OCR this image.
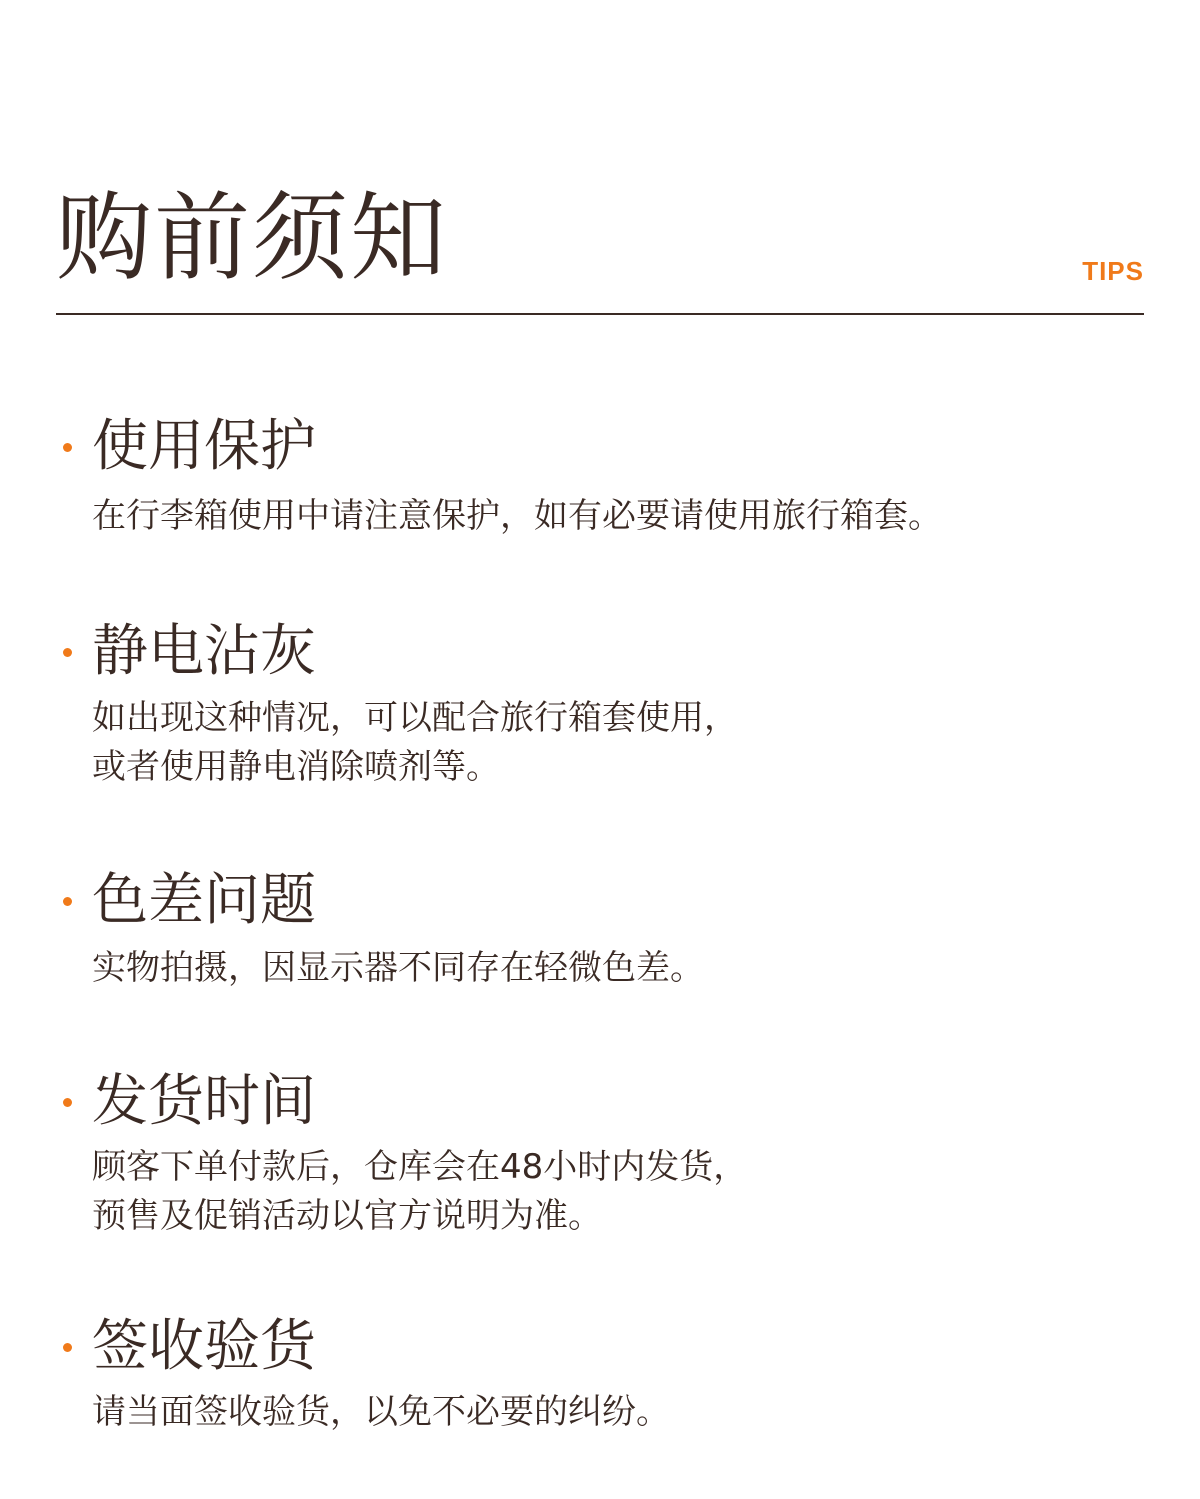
购前须知	TIPS
使用保护
在行李箱使用中请注意保护，如有必要请使用旅行箱套。
静电沾灰
如出现这种情况，可以配合旅行箱套使用，
或者使用静电消除喷剂等。
色差问题
实物拍摄，因显示器不同存在轻微色差。
发货时间
顾客下单付款后，仓库会在48小时内发货，
预售及促销活动以官方说明为准。
签收验货
请当面签收验货，以免不必要的纠纷。
